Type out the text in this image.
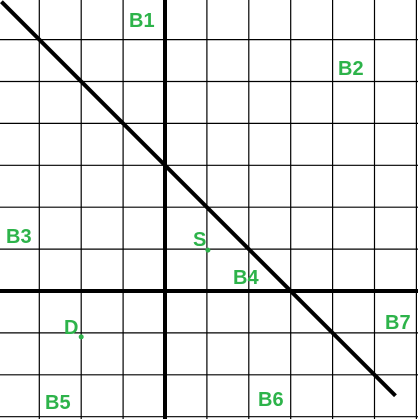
S
D
B1
B2
B3
B4
B5	B6
B7
